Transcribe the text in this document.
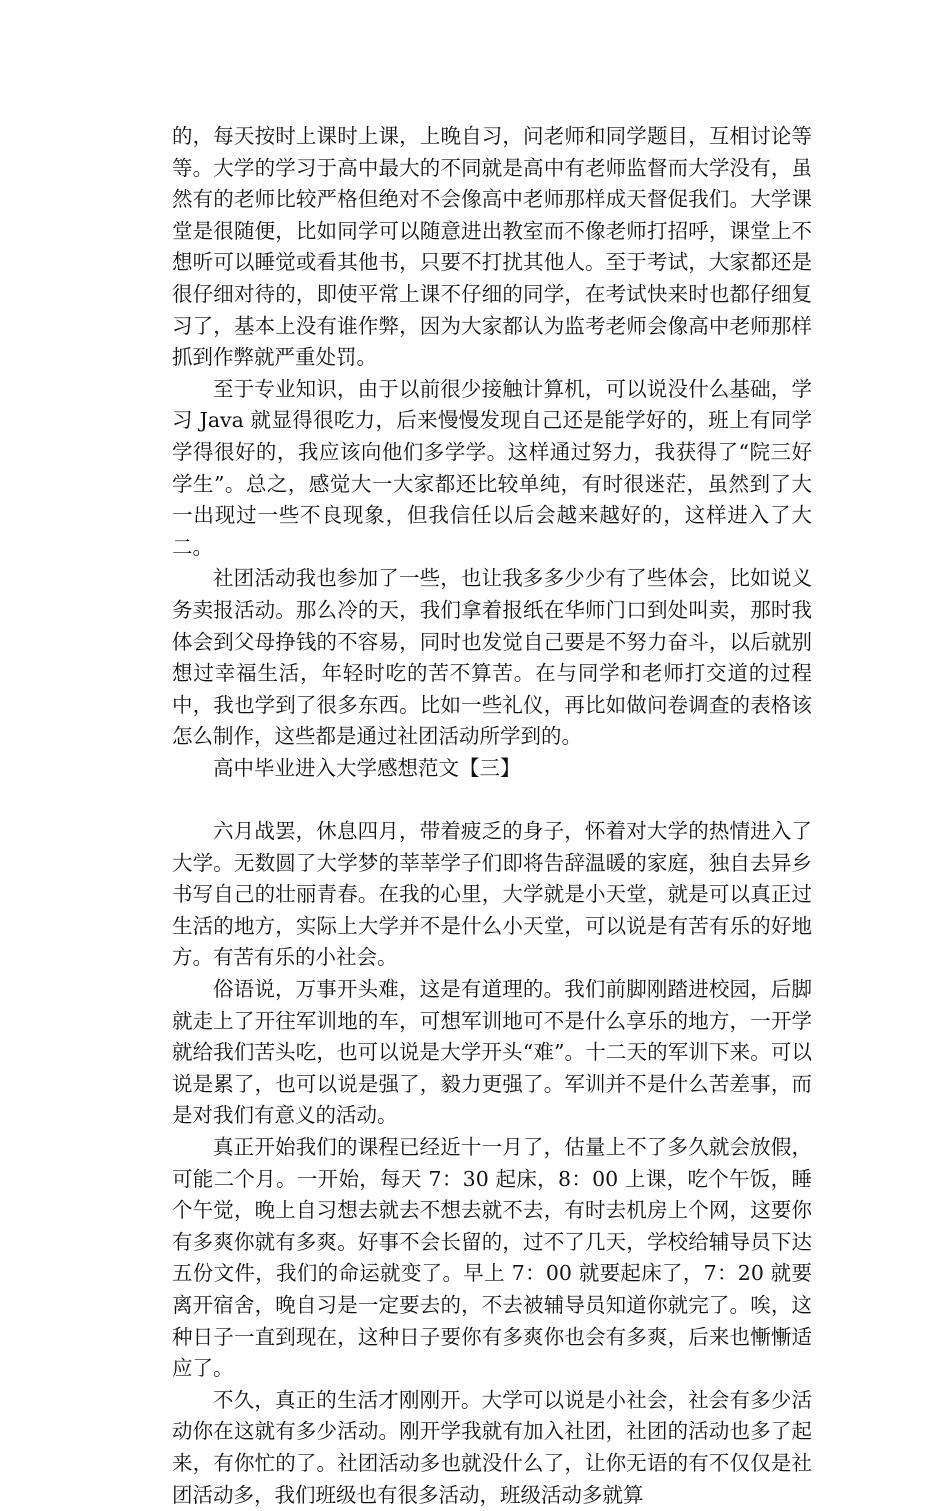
的，每天按时上课时上课，上晚自习，问老师和同学题目，互相讨论等等。大学的学习于高中最大的不同就是高中有老师监督而大学没有，虽然有的老师比较严格但绝对不会像高中老师那样成天督促我们。大学课堂是很随便，比如同学可以随意进出教室而不像老师打招呼，课堂上不想听可以睡觉或看其他书，只要不打扰其他人。至于考试，大家都还是很仔细对待的，即使平常上课不仔细的同学，在考试快来时也都仔细复习了，基本上没有谁作弊，因为大家都认为监考老师会像高中老师那样抓到作弊就严重处罚。

至于专业知识，由于以前很少接触计算机，可以说没什么基础，学习 Java 就显得很吃力，后来慢慢发现自己还是能学好的，班上有同学学得很好的，我应该向他们多学学。这样通过努力，我获得了“院三好学生”。总之，感觉大一大家都还比较单纯，有时很迷茫，虽然到了大一出现过一些不良现象，但我信任以后会越来越好的，这样进入了大二。

社团活动我也参加了一些，也让我多多少少有了些体会，比如说义务卖报活动。那么冷的天，我们拿着报纸在华师门口到处叫卖，那时我体会到父母挣钱的不容易，同时也发觉自己要是不努力奋斗，以后就别想过幸福生活，年轻时吃的苦不算苦。在与同学和老师打交道的过程中，我也学到了很多东西。比如一些礼仪，再比如做问卷调查的表格该怎么制作，这些都是通过社团活动所学到的。

高中毕业进入大学感想范文【三】

六月战罢，休息四月，带着疲乏的身子，怀着对大学的热情进入了大学。无数圆了大学梦的莘莘学子们即将告辞温暖的家庭，独自去异乡书写自己的壮丽青春。在我的心里，大学就是小天堂，就是可以真正过生活的地方，实际上大学并不是什么小天堂，可以说是有苦有乐的好地方。有苦有乐的小社会。

俗语说，万事开头难，这是有道理的。我们前脚刚踏进校园，后脚就走上了开往军训地的车，可想军训地可不是什么享乐的地方，一开学就给我们苦头吃，也可以说是大学开头“难”。十二天的军训下来。可以说是累了，也可以说是强了，毅力更强了。军训并不是什么苦差事，而是对我们有意义的活动。

真正开始我们的课程已经近十一月了，估量上不了多久就会放假，可能二个月。一开始，每天 7：30 起床，8：00 上课，吃个午饭，睡个午觉，晚上自习想去就去不想去就不去，有时去机房上个网，这要你有多爽你就有多爽。好事不会长留的，过不了几天，学校给辅导员下达五份文件，我们的命运就变了。早上 7：00 就要起床了，7：20 就要离开宿舍，晚自习是一定要去的，不去被辅导员知道你就完了。唉，这种日子一直到现在，这种日子要你有多爽你也会有多爽，后来也慚慚适应了。

不久，真正的生活才刚刚开。大学可以说是小社会，社会有多少活动你在这就有多少活动。刚开学我就有加入社团，社团的活动也多了起来，有你忙的了。社团活动多也就没什么了，让你无语的有不仅仅是社团活动多，我们班级也有很多活动，班级活动多就算
